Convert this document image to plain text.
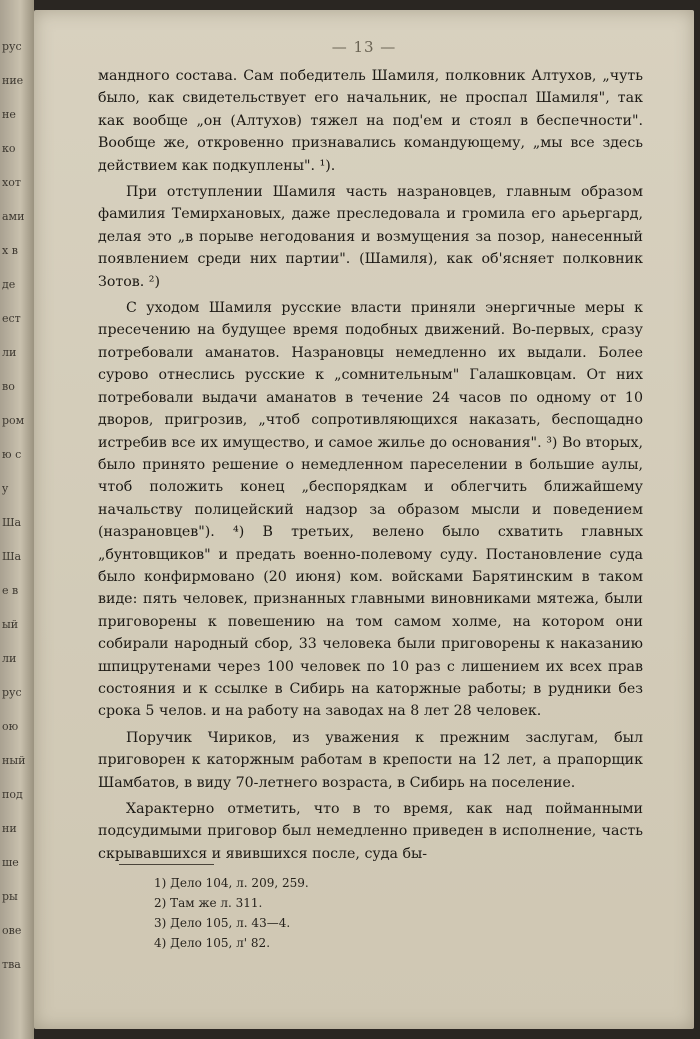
рус
ние
не
ко
хот
ами
х в
де
ест
ли
во
ром
ю с
y
Ша
Ша
е в
ый
ли
рус
ою
ный
под
ни
ше
ры
ове
тва
— 13 —

мандного состава. Сам победитель Шамиля, полковник Алтухов, „чуть было, как свидетельствует его начальник, не проспал Шамиля", так как вообще „он (Алтухов) тяжел на под'ем и стоял в беспечности". Вообще же, откровенно признавались командующему, „мы все здесь действием как подкуплены". ¹).

При отступлении Шамиля часть назрановцев, главным образом фамилия Темирхановых, даже преследовала и громила его арьергард, делая это „в порыве негодования и возмущения за позор, нанесенный появлением среди них партии". (Шамиля), как об'ясняет полковник Зотов. ²)

С уходом Шамиля русские власти приняли энергичные меры к пресечению на будущее время подобных движений. Во-первых, сразу потребовали аманатов. Назрановцы немедленно их выдали. Более сурово отнеслись русские к „сомнительным" Галашковцам. От них потребовали выдачи аманатов в течение 24 часов по одному от 10 дворов, пригрозив, „чтоб сопротивляющихся наказать, беспощадно истребив все их имущество, и самое жилье до основания". ³) Во вторых, было принято решение о немедленном пареселении в большие аулы, чтоб положить конец „беспорядкам и облегчить ближайшему начальству полицейский надзор за образом мысли и поведением (назрановцев"). ⁴) В третьих, велено было схватить главных „бунтовщиков" и предать военно-полевому суду. Постановление суда было конфирмовано (20 июня) ком. войсками Барятинским в таком виде: пять человек, признанных главными виновниками мятежа, были приговорены к повешению на том самом холме, на котором они собирали народный сбор, 33 человека были приговорены к наказанию шпицрутенами через 100 человек по 10 раз с лишением их всех прав состояния и к ссылке в Сибирь на каторжные работы; в рудники без срока 5 челов. и на работу на заводах на 8 лет 28 человек.

Поручик Чириков, из уважения к прежним заслугам, был приговорен к каторжным работам в крепости на 12 лет, а прапорщик Шамбатов, в виду 70-летнего возраста, в Сибирь на поселение.

Характерно отметить, что в то время, как над пойманными подсудимыми приговор был немедленно приведен в исполнение, часть скрывавшихся и явившихся после, суда бы-

1) Дело 104, л. 209, 259.
2) Там же л. 311.
3) Дело 105, л. 43—4.
4) Дело 105, л' 82.
